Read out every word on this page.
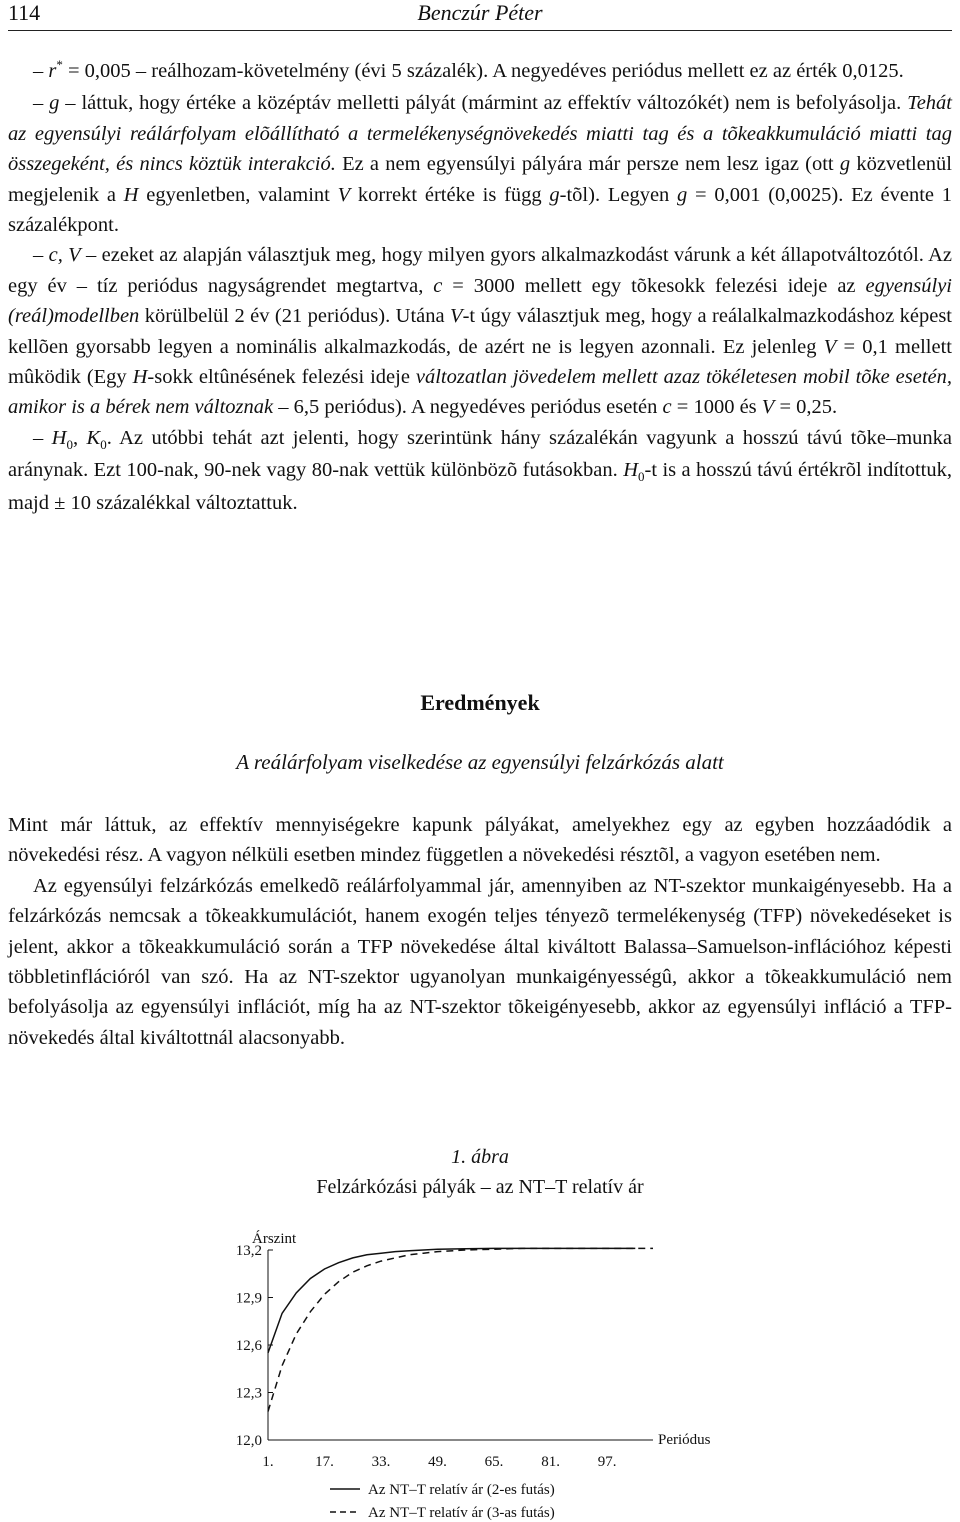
114	Benczúr Péter

– r* = 0,005 – reálhozam-követelmény (évi 5 százalék). A negyedéves periódus mellett ez az érték 0,0125.

– g – láttuk, hogy értéke a középtáv melletti pályát (mármint az effektív változókét) nem is befolyásolja. Tehát az egyensúlyi reálárfolyam elõállítható a termelékenységnövekedés miatti tag és a tõkeakkumuláció miatti tag összegeként, és nincs köztük interakció. Ez a nem egyensúlyi pályára már persze nem lesz igaz (ott g közvetlenül megjelenik a H egyenletben, valamint V korrekt értéke is függ g-tõl). Legyen g = 0,001 (0,0025). Ez évente 1 százalékpont.

– c, V – ezeket az alapján választjuk meg, hogy milyen gyors alkalmazkodást várunk a két állapotváltozótól. Az egy év – tíz periódus nagyságrendet megtartva, c = 3000 mellett egy tõkesokk felezési ideje az egyensúlyi (reál)modellben körülbelül 2 év (21 periódus). Utána V-t úgy választjuk meg, hogy a reálalkalmazkodáshoz képest kellõen gyorsabb legyen a nominális alkalmazkodás, de azért ne is legyen azonnali. Ez jelenleg V = 0,1 mellett mûködik (Egy H-sokk eltûnésének felezési ideje változatlan jövedelem mellett azaz tökéletesen mobil tõke esetén, amikor is a bérek nem változnak – 6,5 periódus). A negyedéves periódus esetén c = 1000 és V = 0,25.

– $H_0$, $K_0$. Az utóbbi tehát azt jelenti, hogy szerintünk hány százalékán vagyunk a hosszú távú tõke–munka aránynak. Ezt 100-nak, 90-nek vagy 80-nak vettük különbözõ futásokban. $H_0-t$ is a hosszú távú értékrõl indítottuk, majd ± 10 százalékkal változtattuk.

Eredmények
A reálárfolyam viselkedése az egyensúlyi felzárkózás alatt

Mint már láttuk, az effektív mennyiségekre kapunk pályákat, amelyekhez egy az egyben hozzáadódik a növekedési rész. A vagyon nélküli esetben mindez független a növekedési résztõl, a vagyon esetében nem.

Az egyensúlyi felzárkózás emelkedõ reálárfolyammal jár, amennyiben az NT-szektor munkaigényesebb. Ha a felzárkózás nemcsak a tõkeakkumulációt, hanem exogén teljes tényezõ termelékenység (TFP) növekedéseket is jelent, akkor a tõkeakkumuláció során a TFP növekedése által kiváltott Balassa–Samuelson-inflációhoz képesti többletinflációról van szó. Ha az NT-szektor ugyanolyan munkaigényességû, akkor a tõkeakkumuláció nem befolyásolja az egyensúlyi inflációt, míg ha az NT-szektor tõkeigényesebb, akkor az egyensúlyi infláció a TFP-növekedés által kiváltottnál alacsonyabb.

1. ábra
Felzárkózási pályák – az NT–T relatív ár
Árszint
Periódus
13,2
12,9
12,6
12,3
12,0
1.	17.	33.	49.	65.	81.	97.
Az NT–T relatív ár (2-es futás)
Az NT–T relatív ár (3-as futás)
